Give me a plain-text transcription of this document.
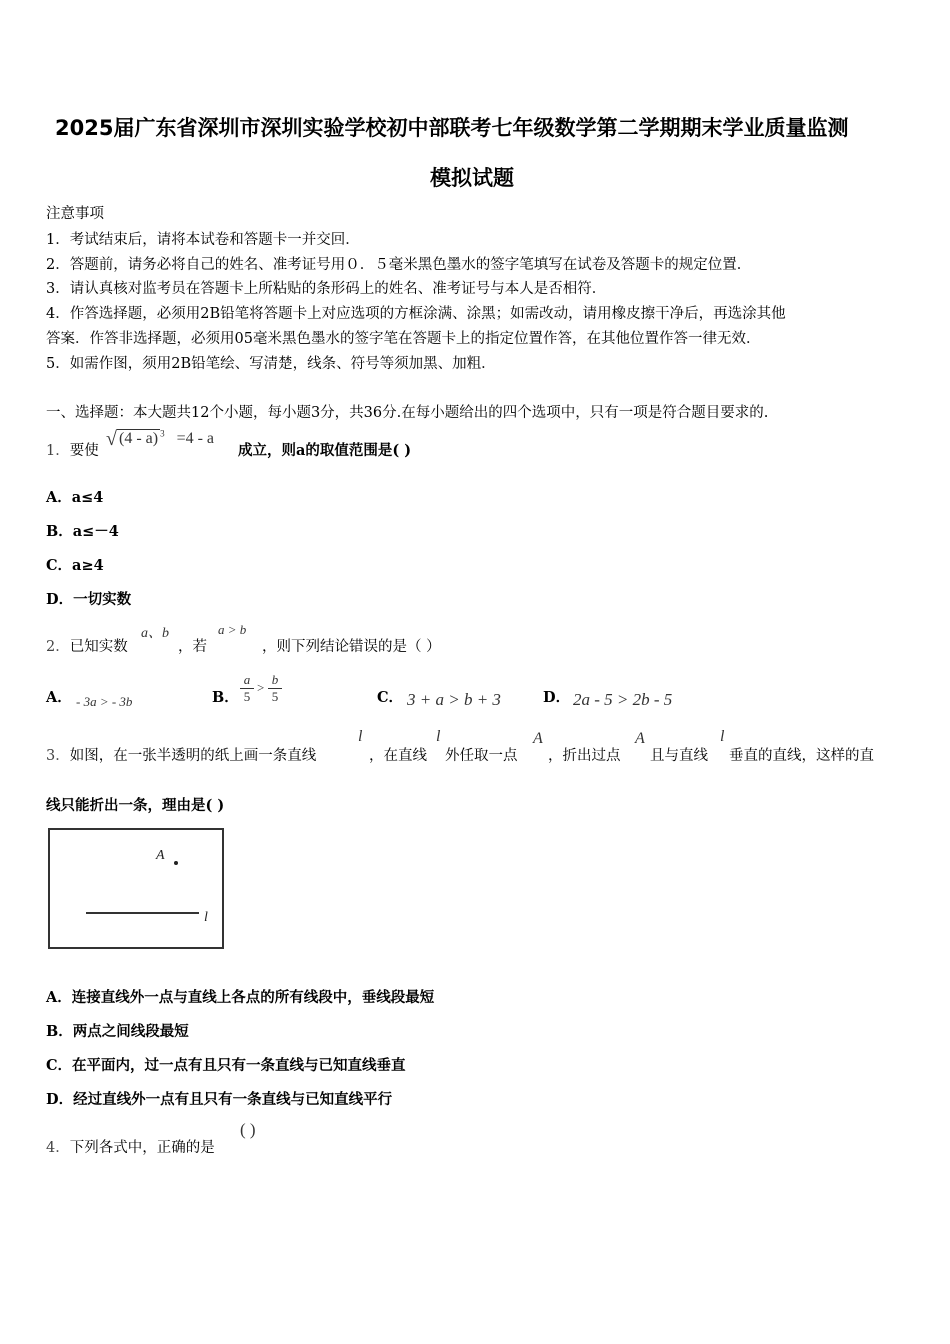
2025届广东省深圳市深圳实验学校初中部联考七年级数学第二学期期末学业质量监测
模拟试题
注意事项
1．考试结束后，请将本试卷和答题卡一并交回．
2．答题前，请务必将自己的姓名、准考证号用０．５毫米黑色墨水的签字笔填写在试卷及答题卡的规定位置．
3．请认真核对监考员在答题卡上所粘贴的条形码上的姓名、准考证号与本人是否相符．
4．作答选择题，必须用2B铅笔将答题卡上对应选项的方框涂满、涂黑；如需改动，请用橡皮擦干净后，再选涂其他
答案．作答非选择题，必须用05毫米黑色墨水的签字笔在答题卡上的指定位置作答，在其他位置作答一律无效．
5．如需作图，须用2B铅笔绘、写清楚，线条、符号等须加黑、加粗．
一、选择题：本大题共12个小题，每小题3分，共36分.在每小题给出的四个选项中，只有一项是符合题目要求的.
1．要使
√ (4 - a) $^3$ =4 - a
成立，则a的取值范围是( )
A．a≤4
B．a≤－4
C．a≥4
D．一切实数
2．已知实数
a、b
，若
a > b
，则下列结论错误的是（ ）
A． - 3a > - 3b	B． $\frac{a}{5} > \frac{b}{5}$	C． 3 + a > b + 3	D． 2a - 5 > 2b - 5
3．如图，在一张半透明的纸上画一条直线
l
，在直线
l
外任取一点
A
，折出过点
A
且与直线
l
垂直的直线，这样的直
线只能折出一条，理由是( )
A
l
A．连接直线外一点与直线上各点的所有线段中，垂线段最短
B．两点之间线段最短
C．在平面内，过一点有且只有一条直线与已知直线垂直
D．经过直线外一点有且只有一条直线与已知直线平行
4．下列各式中，正确的是
( )
